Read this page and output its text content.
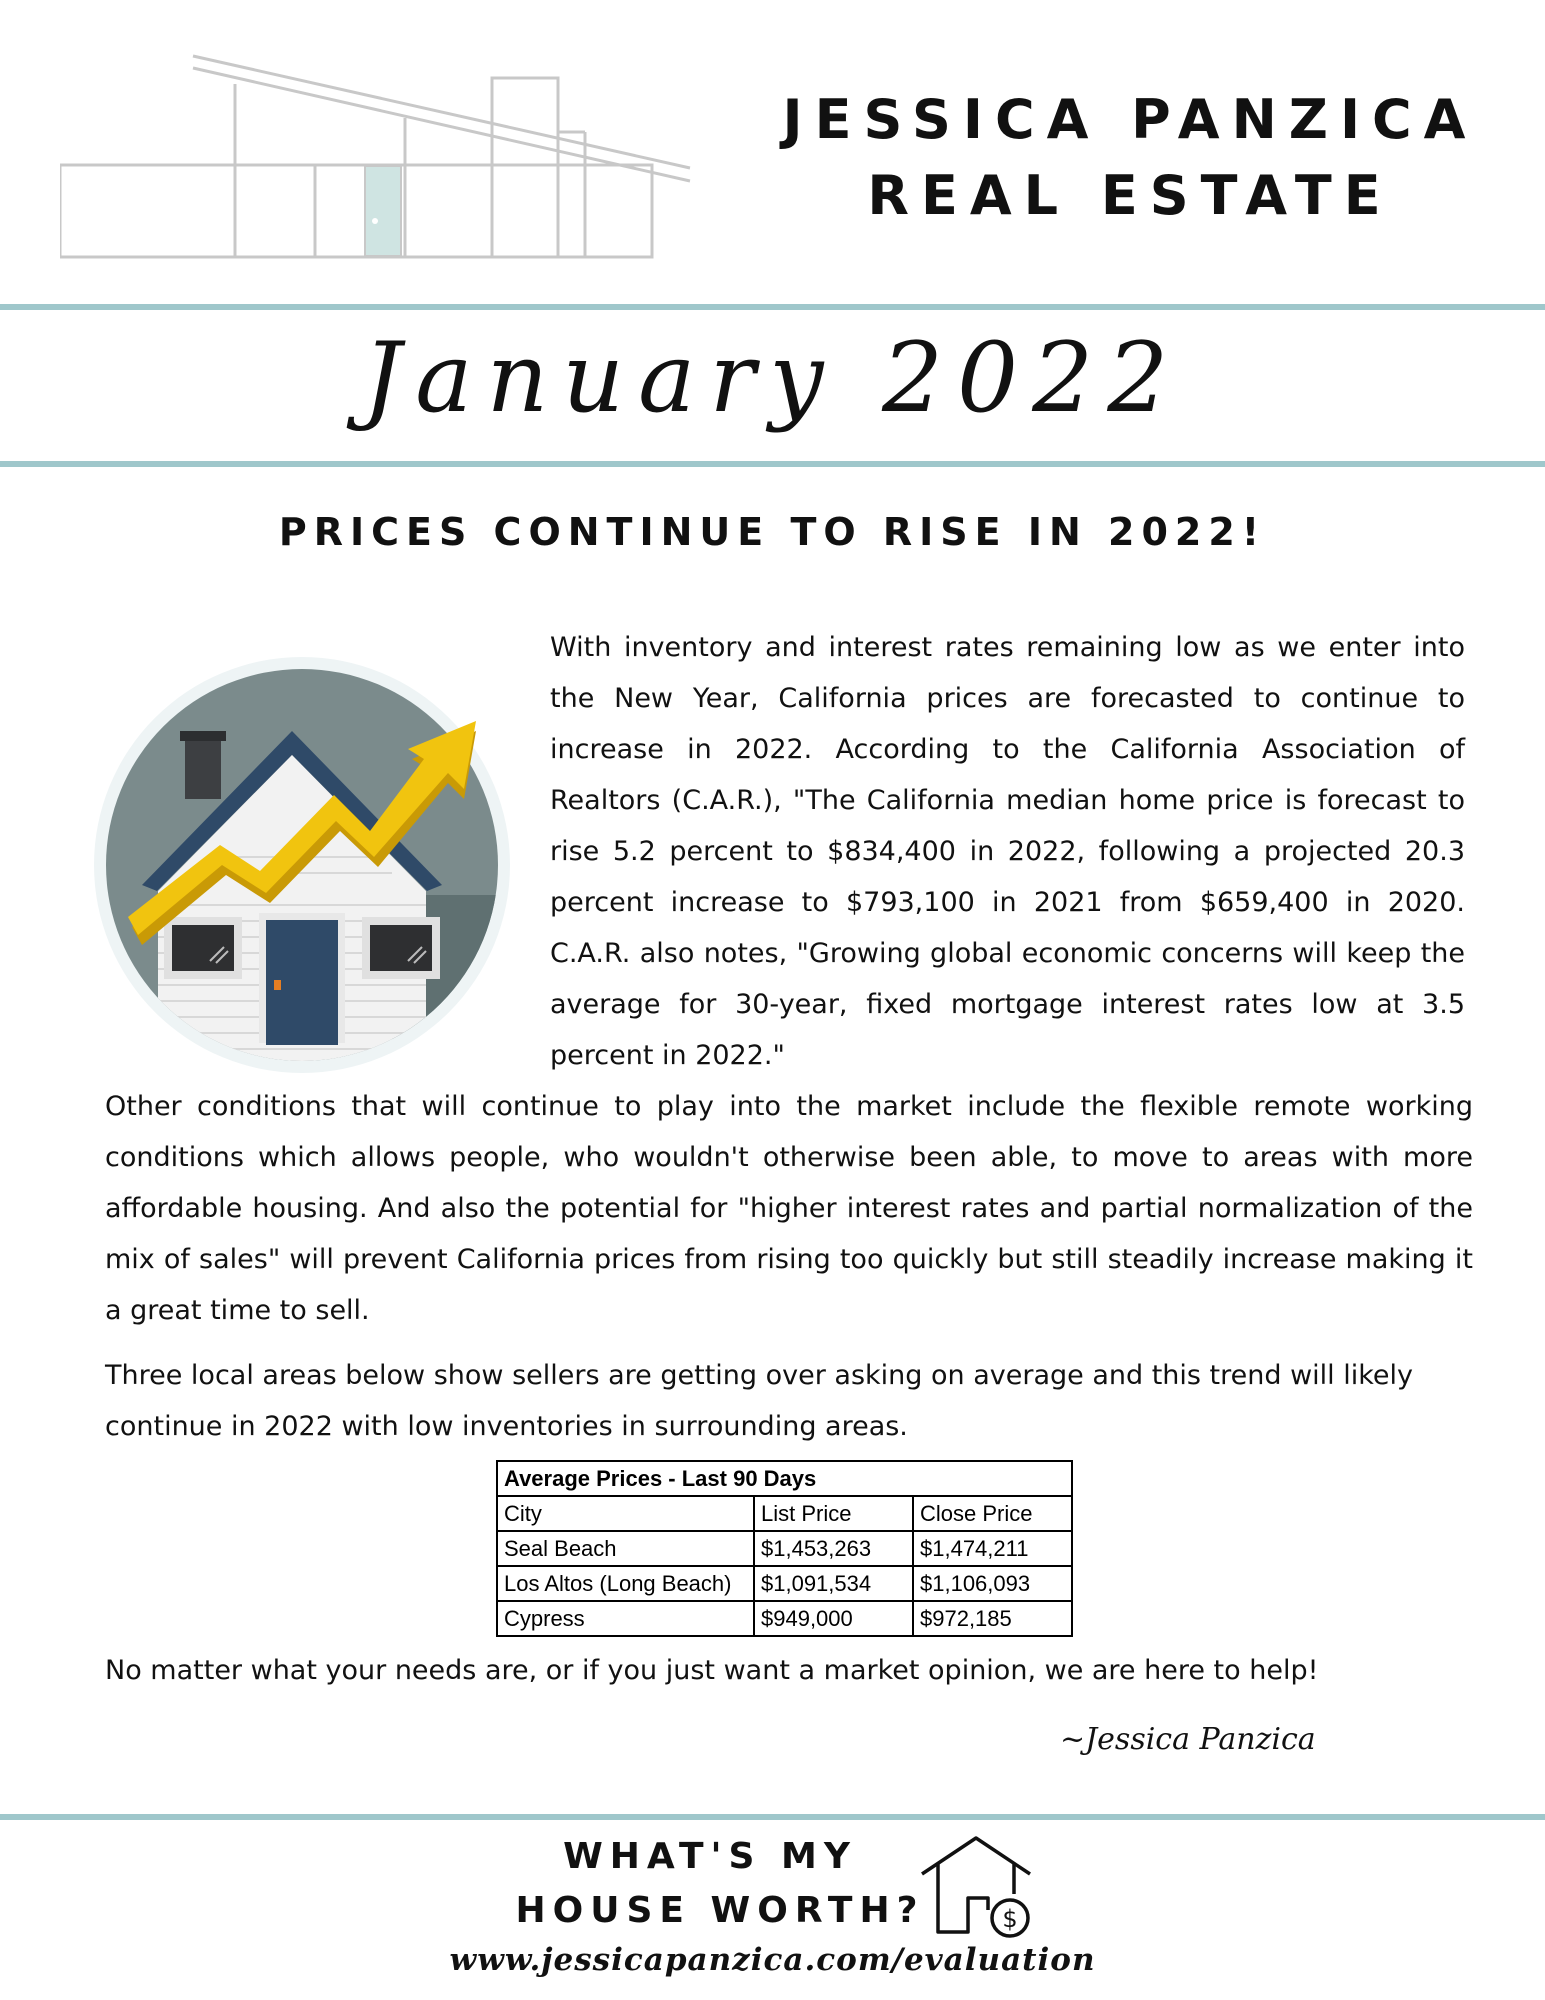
JESSICA PANZICA
REAL ESTATE
January 2022
PRICES CONTINUE TO RISE IN 2022!
With inventory and interest rates remaining low as we enter into the New Year, California prices are forecasted to continue to increase in 2022. According to the California Association of Realtors (C.A.R.), "The California median home price is forecast to rise 5.2 percent to $834,400 in 2022, following a projected 20.3 percent increase to $793,100 in 2021 from $659,400 in 2020. C.A.R. also notes, "Growing global economic concerns will keep the average for 30-year, fixed mortgage interest rates low at 3.5 percent in 2022."
Other conditions that will continue to play into the market include the flexible remote working conditions which allows people, who wouldn't otherwise been able, to move to areas with more affordable housing. And also the potential for "higher interest rates and partial normalization of the mix of sales" will prevent California prices from rising too quickly but still steadily increase making it a great time to sell.
Three local areas below show sellers are getting over asking on average and this trend will likely continue in 2022 with low inventories in surrounding areas.
Average Prices - Last 90 Days		
City	List Price	Close Price
Seal Beach	$1,453,263	$1,474,211
Los Altos (Long Beach)	$1,091,534	$1,106,093
Cypress	$949,000	$972,185
No matter what your needs are, or if you just want a market opinion, we are here to help!
~Jessica Panzica
WHAT'S MY
HOUSE WORTH?	$
www.jessicapanzica.com/evaluation
